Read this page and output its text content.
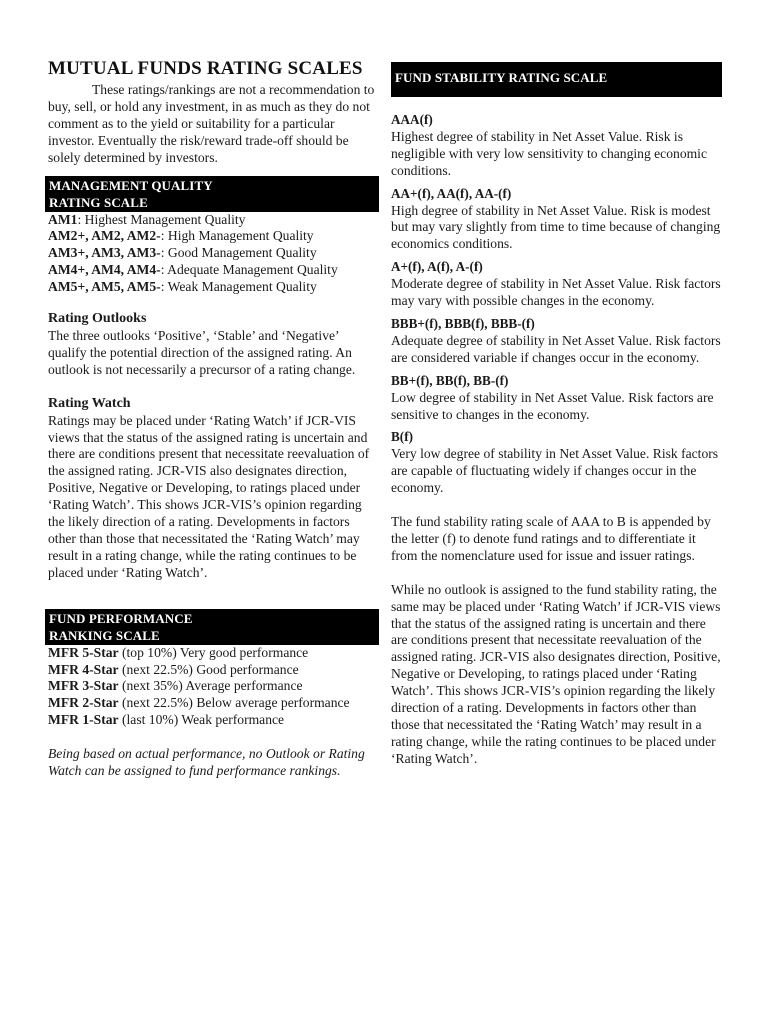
MUTUAL FUNDS RATING SCALES

These ratings/rankings are not a recommendation to buy, sell, or hold any investment, in as much as they do not comment as to the yield or suitability for a particular investor. Eventually the risk/reward trade-off should be solely determined by investors.

MANAGEMENT QUALITY
RATING SCALE
AM1: Highest Management Quality
AM2+, AM2, AM2-: High Management Quality
AM3+, AM3, AM3-: Good Management Quality
AM4+, AM4, AM4-: Adequate Management Quality
AM5+, AM5, AM5-: Weak Management Quality
Rating Outlooks

The three outlooks ‘Positive’, ‘Stable’ and ‘Negative’ qualify the potential direction of the assigned rating. An outlook is not necessarily a precursor of a rating change.

Rating Watch

Ratings may be placed under ‘Rating Watch’ if JCR-VIS views that the status of the assigned rating is uncertain and there are conditions present that necessitate reevaluation of the assigned rating. JCR-VIS also designates direction, Positive, Negative or Developing, to ratings placed under ‘Rating Watch’. This shows JCR-VIS’s opinion regarding the likely direction of a rating. Developments in factors other than those that necessitated the ‘Rating Watch’ may result in a rating change, while the rating continues to be placed under ‘Rating Watch’.

FUND PERFORMANCE
RANKING SCALE
MFR 5-Star (top 10%) Very good performance
MFR 4-Star (next 22.5%) Good performance
MFR 3-Star (next 35%) Average performance
MFR 2-Star (next 22.5%) Below average performance
MFR 1-Star (last 10%) Weak performance

Being based on actual performance, no Outlook or Rating Watch can be assigned to fund performance rankings.

FUND STABILITY RATING SCALE
AAA(f)

Highest degree of stability in Net Asset Value. Risk is negligible with very low sensitivity to changing economic conditions.

AA+(f), AA(f), AA-(f)

High degree of stability in Net Asset Value. Risk is modest but may vary slightly from time to time because of changing economics conditions.

A+(f), A(f), A-(f)

Moderate degree of stability in Net Asset Value. Risk factors may vary with possible changes in the economy.

BBB+(f), BBB(f), BBB-(f)

Adequate degree of stability in Net Asset Value. Risk factors are considered variable if changes occur in the economy.

BB+(f), BB(f), BB-(f)

Low degree of stability in Net Asset Value. Risk factors are sensitive to changes in the economy.

B(f)

Very low degree of stability in Net Asset Value. Risk factors are capable of fluctuating widely if changes occur in the economy.

The fund stability rating scale of AAA to B is appended by the letter (f) to denote fund ratings and to differentiate it from the nomenclature used for issue and issuer ratings.

While no outlook is assigned to the fund stability rating, the same may be placed under ‘Rating Watch’ if JCR-VIS views that the status of the assigned rating is uncertain and there are conditions present that necessitate reevaluation of the assigned rating. JCR-VIS also designates direction, Positive, Negative or Developing, to ratings placed under ‘Rating Watch’. This shows JCR-VIS’s opinion regarding the likely direction of a rating. Developments in factors other than those that necessitated the ‘Rating Watch’ may result in a rating change, while the rating continues to be placed under ‘Rating Watch’.
